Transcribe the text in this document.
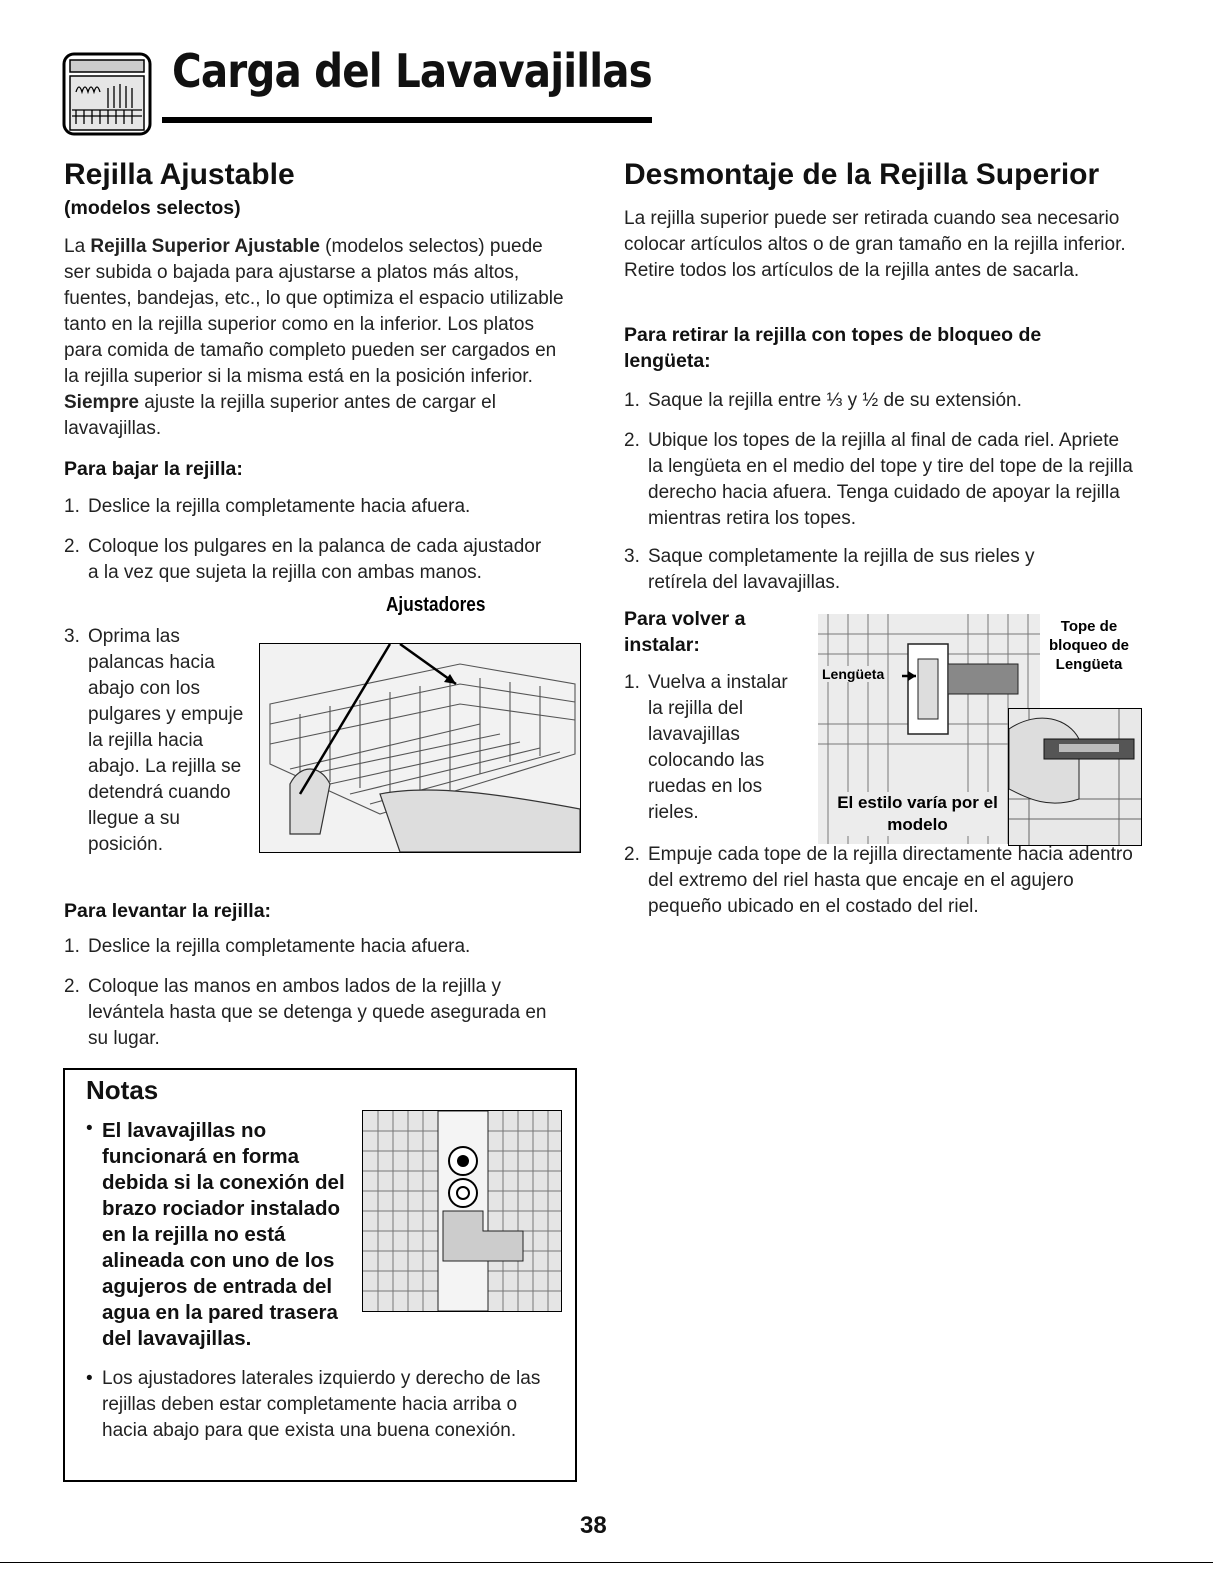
Carga del Lavavajillas
Rejilla Ajustable
(modelos selectos)

La Rejilla Superior Ajustable (modelos selectos) puede ser subida o bajada para ajustarse a platos más altos, fuentes, bandejas, etc., lo que optimiza el espacio utilizable tanto en la rejilla superior como en la inferior. Los platos para comida de tamaño completo pueden ser cargados en la rejilla superior si la misma está en la posición inferior. Siempre ajuste la rejilla superior antes de cargar el lavavajillas.

Para bajar la rejilla:
1. Deslice la rejilla completamente hacia afuera.
2. Coloque los pulgares en la palanca de cada ajustador a la vez que sujeta la rejilla con ambas manos.
3. Oprima las palancas hacia abajo con los pulgares y empuje la rejilla hacia abajo. La rejilla se detendrá cuando llegue a su posición.
Ajustadores
Para levantar la rejilla:
1. Deslice la rejilla completamente hacia afuera.
2. Coloque las manos en ambos lados de la rejilla y levántela hasta que se detenga y quede asegurada en su lugar.
Desmontaje de la Rejilla Superior

La rejilla superior puede ser retirada cuando sea necesario colocar artículos altos o de gran tamaño en la rejilla inferior. Retire todos los artículos de la rejilla antes de sacarla.

Para retirar la rejilla con topes de bloqueo de lengüeta:
1. Saque la rejilla entre ⅓ y ½ de su extensión.
2. Ubique los topes de la rejilla al final de cada riel. Apriete la lengüeta en el medio del tope y tire del tope de la rejilla derecho hacia afuera. Tenga cuidado de apoyar la rejilla mientras retira los topes.
3. Saque completamente la rejilla de sus rieles y retírela del lavavajillas.
Para volver a instalar:
1. Vuelva a instalar la rejilla del lavavajillas colocando las ruedas en los rieles.
Lengüeta
Tope de bloqueo de Lengüeta
El estilo varía por el modelo
2. Empuje cada tope de la rejilla directamente hacia adentro del extremo del riel hasta que encaje en el agujero pequeño ubicado en el costado del riel.
Notas
• El lavavajillas no funcionará en forma debida si la conexión del brazo rociador instalado en la rejilla no está alineada con uno de los agujeros de entrada del agua en la pared trasera del lavavajillas.

• Los ajustadores laterales izquierdo y derecho de las rejillas deben estar completamente hacia arriba o hacia abajo para que exista una buena conexión.

38
